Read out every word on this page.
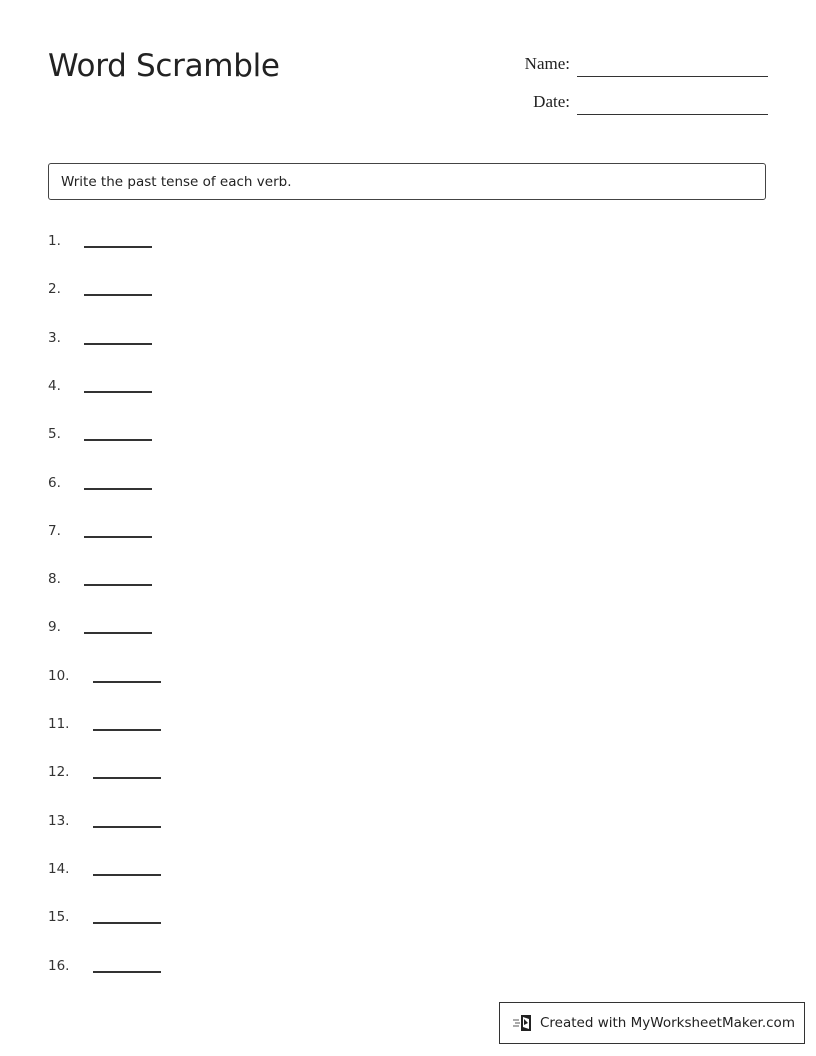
Word Scramble	Name:
Date:
Write the past tense of each verb.
1.
2.
3.
4.
5.
6.
7.
8.
9.
10.
11.
12.
13.
14.
15.
16.
Created with MyWorksheetMaker.com
